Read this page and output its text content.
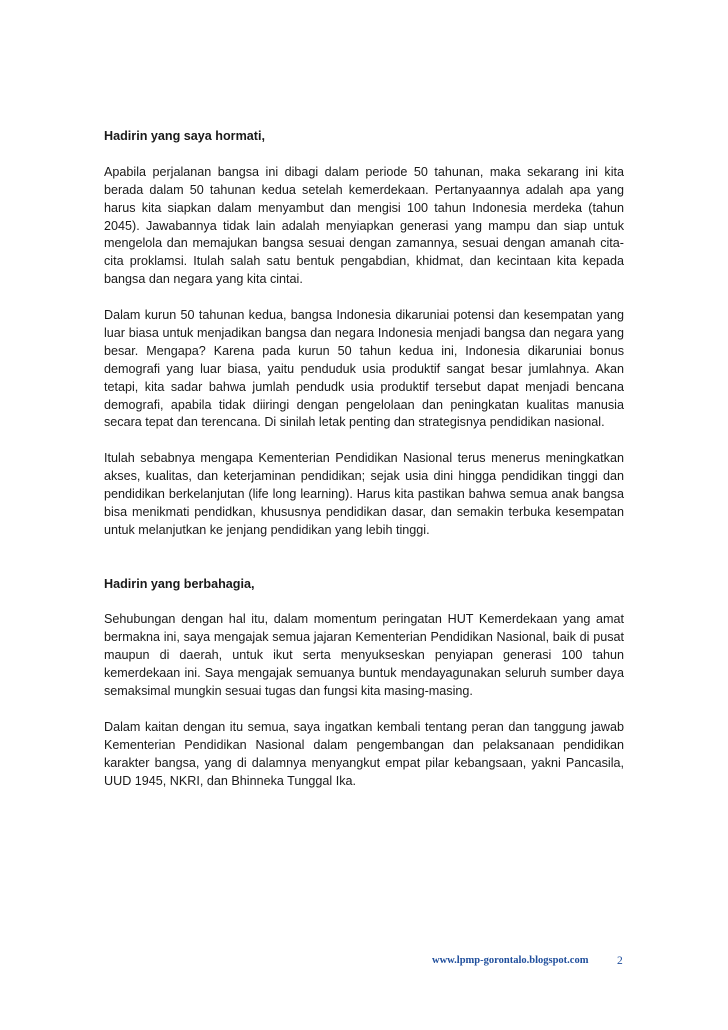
Hadirin yang saya hormati,

Apabila perjalanan bangsa ini dibagi dalam periode 50 tahunan, maka sekarang ini kita berada dalam 50 tahunan kedua setelah kemerdekaan. Pertanyaannya adalah apa yang harus kita siapkan dalam menyambut dan mengisi 100 tahun Indonesia merdeka (tahun 2045). Jawabannya tidak lain adalah menyiapkan generasi yang mampu dan siap untuk mengelola dan memajukan bangsa sesuai dengan zamannya, sesuai dengan amanah cita-cita proklamsi. Itulah salah satu bentuk pengabdian, khidmat, dan kecintaan kita kepada bangsa dan negara yang kita cintai.

Dalam kurun 50 tahunan kedua, bangsa Indonesia dikaruniai potensi dan kesempatan yang luar biasa untuk menjadikan bangsa dan negara Indonesia menjadi bangsa dan negara yang besar. Mengapa? Karena pada kurun 50 tahun kedua ini, Indonesia dikaruniai bonus demografi yang luar biasa, yaitu penduduk usia produktif sangat besar jumlahnya. Akan tetapi, kita sadar bahwa jumlah pendudk usia produktif tersebut dapat menjadi bencana demografi, apabila tidak diiringi dengan pengelolaan dan peningkatan kualitas manusia secara tepat dan terencana. Di sinilah letak penting dan strategisnya pendidikan nasional.

Itulah sebabnya mengapa Kementerian Pendidikan Nasional terus menerus meningkatkan akses, kualitas, dan keterjaminan pendidikan; sejak usia dini hingga pendidikan tinggi dan pendidikan berkelanjutan (life long learning). Harus kita pastikan bahwa semua anak bangsa bisa menikmati pendidkan, khususnya pendidikan dasar, dan semakin terbuka kesempatan untuk melanjutkan ke jenjang pendidikan yang lebih tinggi.

Hadirin yang berbahagia,

Sehubungan dengan hal itu, dalam momentum peringatan HUT Kemerdekaan yang amat bermakna ini, saya mengajak semua jajaran Kementerian Pendidikan Nasional, baik di pusat maupun di daerah, untuk ikut serta menyukseskan penyiapan generasi 100 tahun kemerdekaan ini. Saya mengajak semuanya buntuk mendayagunakan seluruh sumber daya semaksimal mungkin sesuai tugas dan fungsi kita masing-masing.

Dalam kaitan dengan itu semua, saya ingatkan kembali tentang peran dan tanggung jawab Kementerian Pendidikan Nasional dalam pengembangan dan pelaksanaan pendidikan karakter bangsa, yang di dalamnya menyangkut empat pilar kebangsaan, yakni Pancasila, UUD 1945, NKRI, dan Bhinneka Tunggal Ika.

www.lpmp-gorontalo.blogspot.com 2
